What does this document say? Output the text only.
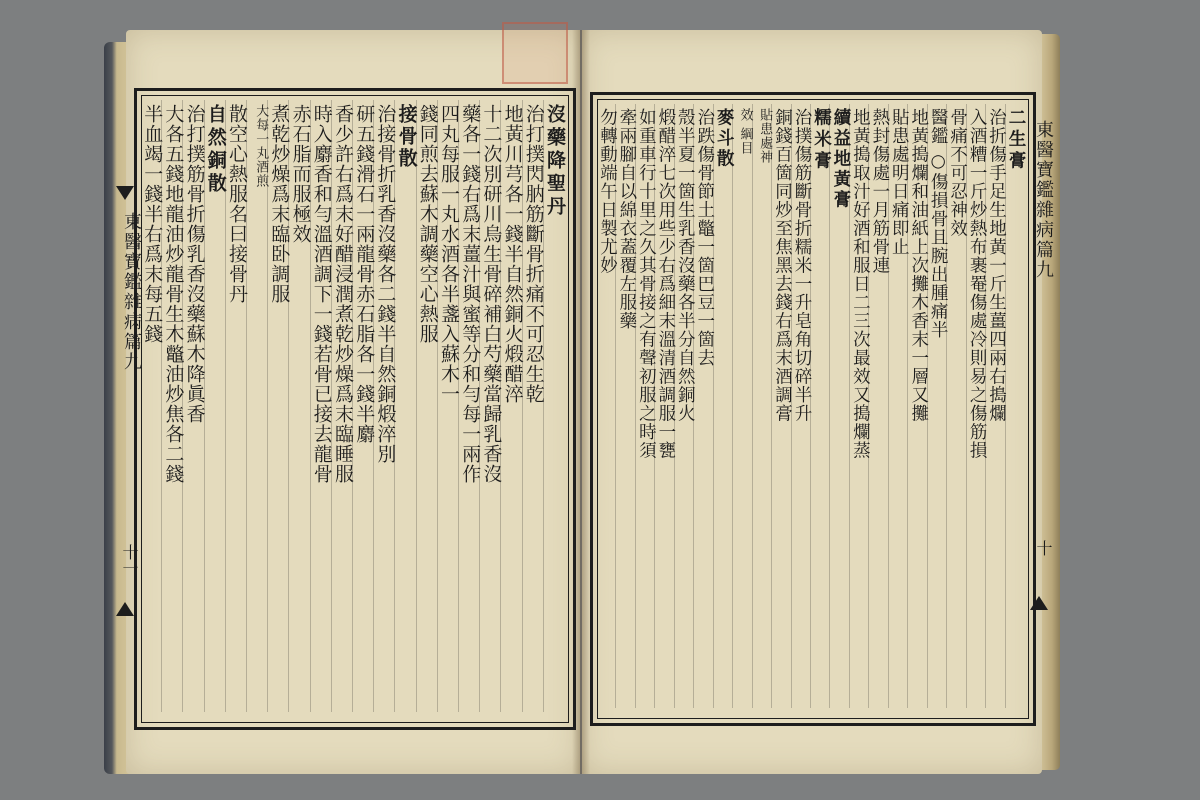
東醫寶鑑雜病篇九
十一
東醫寶鑑雜病篇九
十
沒藥降聖丹
治打撲閃肭筋斷骨折痛不可忍生乾
地黃川芎各一錢半自然銅火煅醋淬
十二次別研川烏生骨碎補白芍藥當歸乳香沒
藥各一錢右爲末薑汁與蜜等分和勻每一兩作
四丸每服一丸水酒各半盞入蘇木一
錢同煎去蘇木調藥空心熱服
接骨散
治接骨折乳香沒藥各二錢半自然銅煅淬別
研五錢滑石一兩龍骨赤石脂各一錢半麝
香少許右爲末好醋浸潤煮乾炒燥爲末臨睡服
時入麝香和勻溫酒調下一錢若骨已接去龍骨
赤石脂而服極效
煮乾炒燥爲末臨卧調服
大每一丸酒煎
散空心熱服名曰接骨丹
自然銅散
治打撲筋骨折傷乳香沒藥蘇木降眞香
大各五錢地龍油炒龍骨生木鼈油炒焦各二錢
半血竭一錢半右爲末每五錢	二生膏
治折傷手足生地黃一斤生薑四兩右搗爛
入酒糟一斤炒熱布裹罨傷處冷則易之傷筋損
骨痛不可忍神效
醫鑑 ○傷損骨且腕出腫痛半
地黃搗爛和油紙上次攤木香末一層又攤
貼患處明日痛即止
熱封傷處一月筋骨連
地黃搗取汁好酒和服日二三次最效又搗爛蒸
續益地黃膏
糯米膏
治撲傷筋斷骨折糯米一升皂角切碎半升
銅錢百箇同炒至焦黑去錢右爲末酒調膏
貼患處神
效 綱目
麥斗散
治跌傷骨節土鼈一箇巴豆一箇去
殼半夏一箇生乳香沒藥各半分自然銅火
煅醋淬七次用些少右爲細末溫清酒調服一甕
如重車行十里之久其骨接之有聲初服之時須
牽兩腳自以綿衣蓋覆左服藥
勿轉動端午日製尤妙
